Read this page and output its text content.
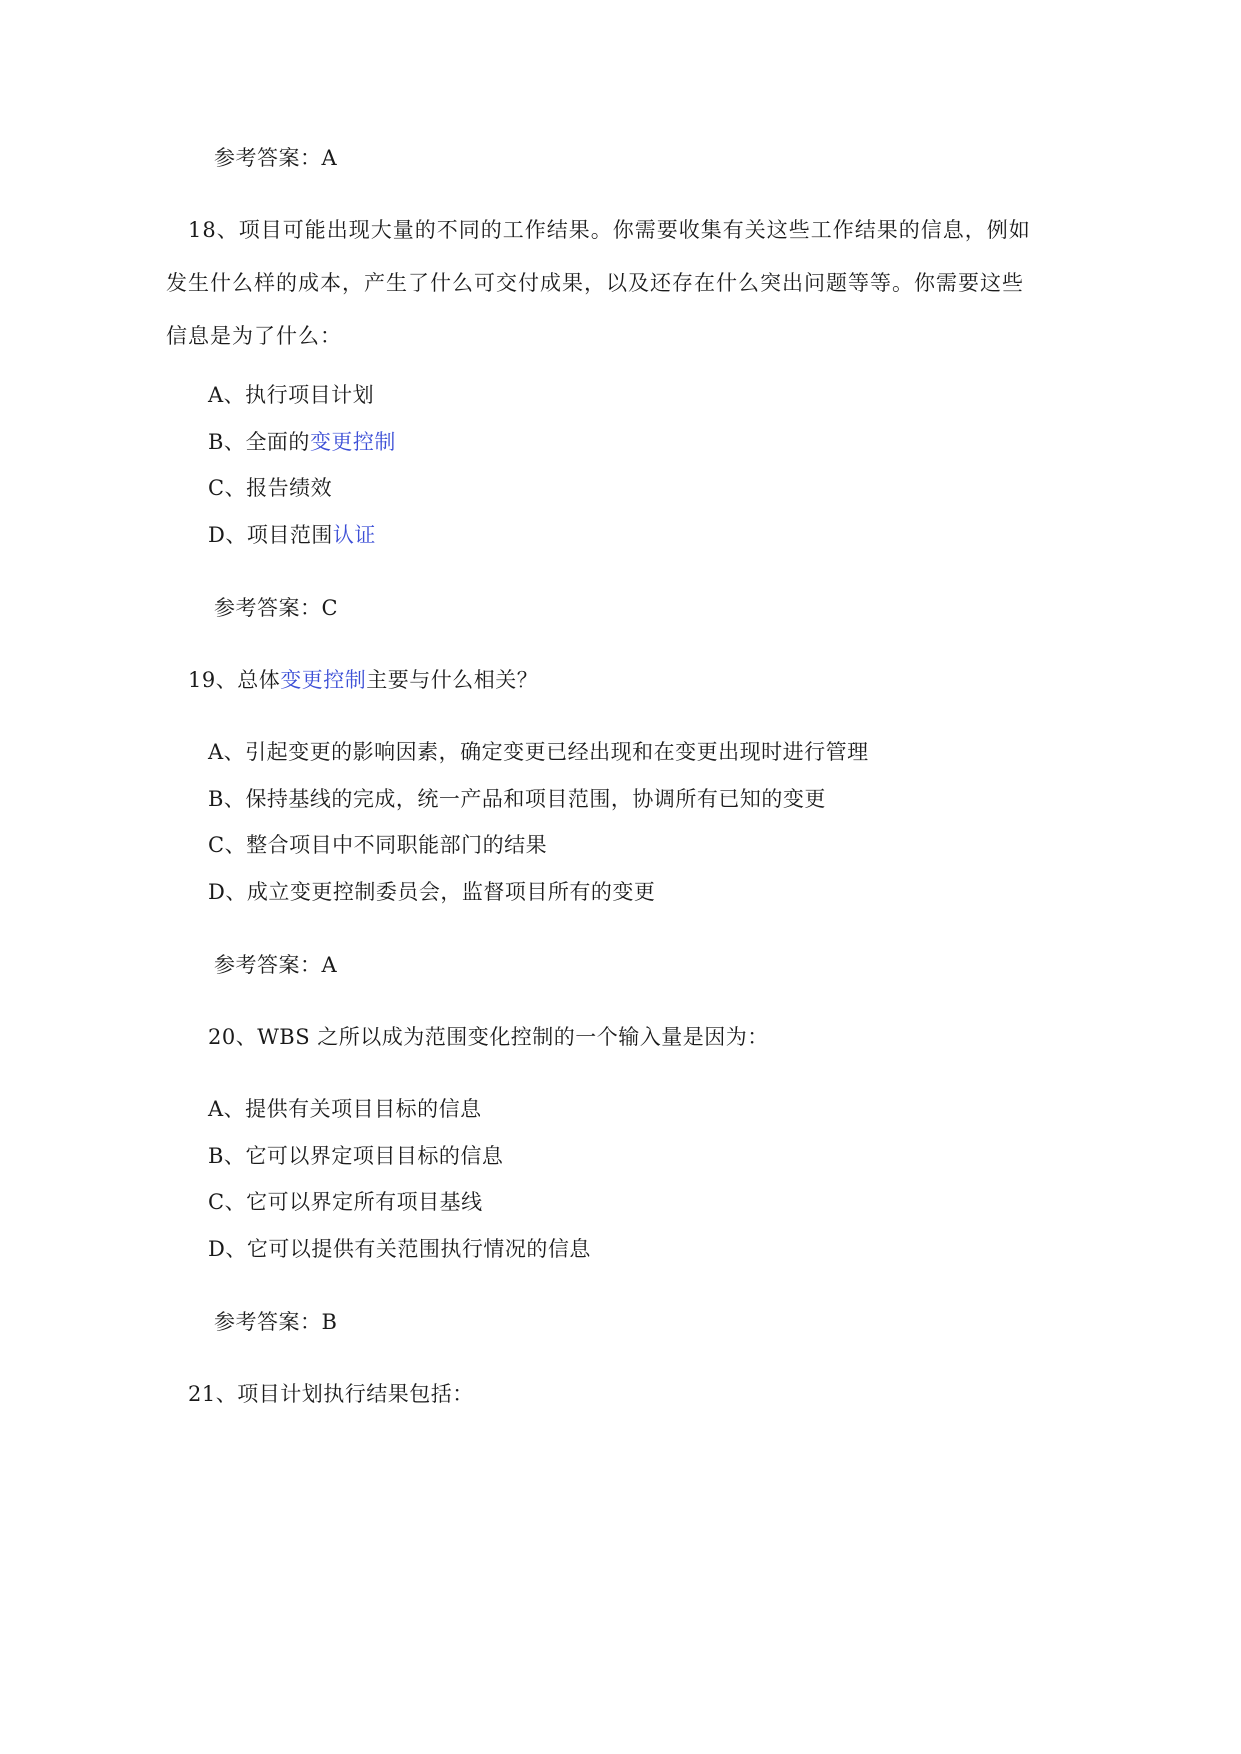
参考答案：A
18、项目可能出现大量的不同的工作结果。你需要收集有关这些工作结果的信息，例如发生什么样的成本，产生了什么可交付成果，以及还存在什么突出问题等等。你需要这些信息是为了什么：
A、执行项目计划
B、全面的变更控制
C、报告绩效
D、项目范围认证
参考答案：C
19、总体变更控制主要与什么相关？
A、引起变更的影响因素，确定变更已经出现和在变更出现时进行管理
B、保持基线的完成，统一产品和项目范围，协调所有已知的变更
C、整合项目中不同职能部门的结果
D、成立变更控制委员会，监督项目所有的变更
参考答案：A
20、WBS 之所以成为范围变化控制的一个输入量是因为：
A、提供有关项目目标的信息
B、它可以界定项目目标的信息
C、它可以界定所有项目基线
D、它可以提供有关范围执行情况的信息
参考答案：B
21、项目计划执行结果包括：
